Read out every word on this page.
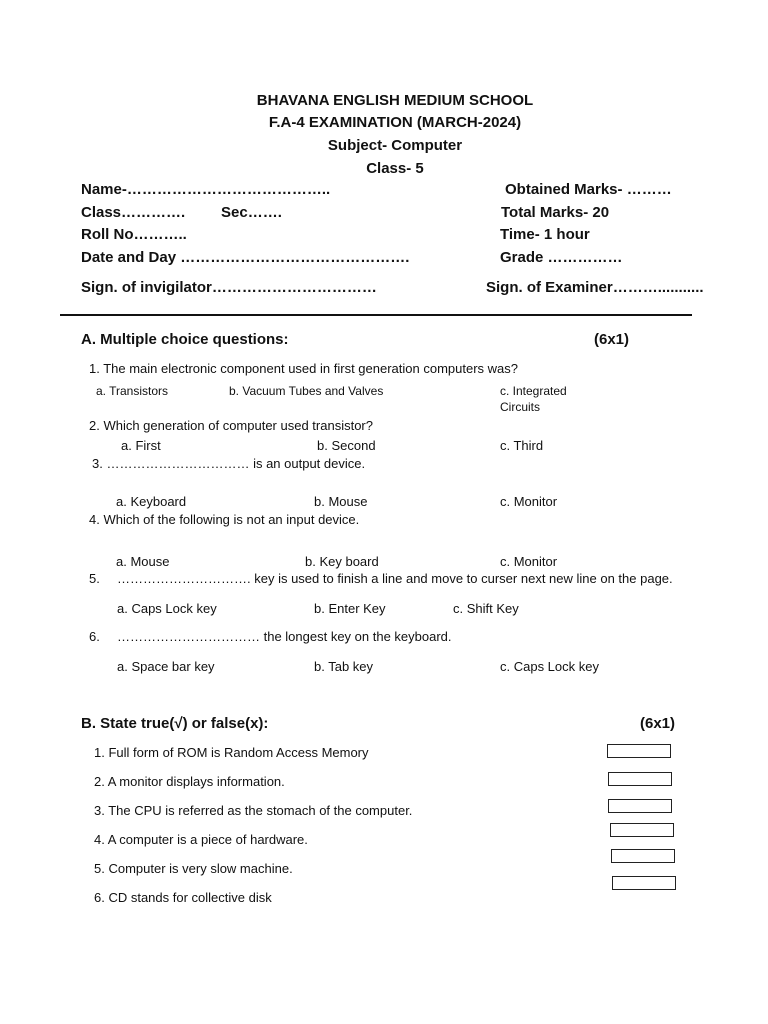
BHAVANA ENGLISH MEDIUM SCHOOL
F.A-4 EXAMINATION (MARCH-2024)
Subject- Computer
Class- 5
Name-…………………………………..	Obtained Marks- ………
Class…………. Sec…….	Total Marks- 20
Roll No………..	Time- 1 hour
Date and Day ……………………………………….	Grade ……………
Sign. of invigilator……………………………	Sign. of Examiner………...........
A. Multiple choice questions:	(6x1)
1. The main electronic component used in first generation computers was?
a. Transistors	b. Vacuum Tubes and Valves	c. Integrated
Circuits
2. Which generation of computer used transistor?
a. First	b. Second	c. Third
3. …………………………… is an output device.
a. Keyboard	b. Mouse	c. Monitor
4. Which of the following is not an input device.
a. Mouse	b. Key board	c. Monitor
5. …………………………. key is used to finish a line and move to curser next new line on the page.
a. Caps Lock key	b. Enter Key	c. Shift Key
6. …………………………… the longest key on the keyboard.
a. Space bar key	b. Tab key	c. Caps Lock key
B. State true(√) or false(x):	(6x1)
1. Full form of ROM is Random Access Memory
2. A monitor displays information.
3. The CPU is referred as the stomach of the computer.
4. A computer is a piece of hardware.
5. Computer is very slow machine.
6. CD stands for collective disk
